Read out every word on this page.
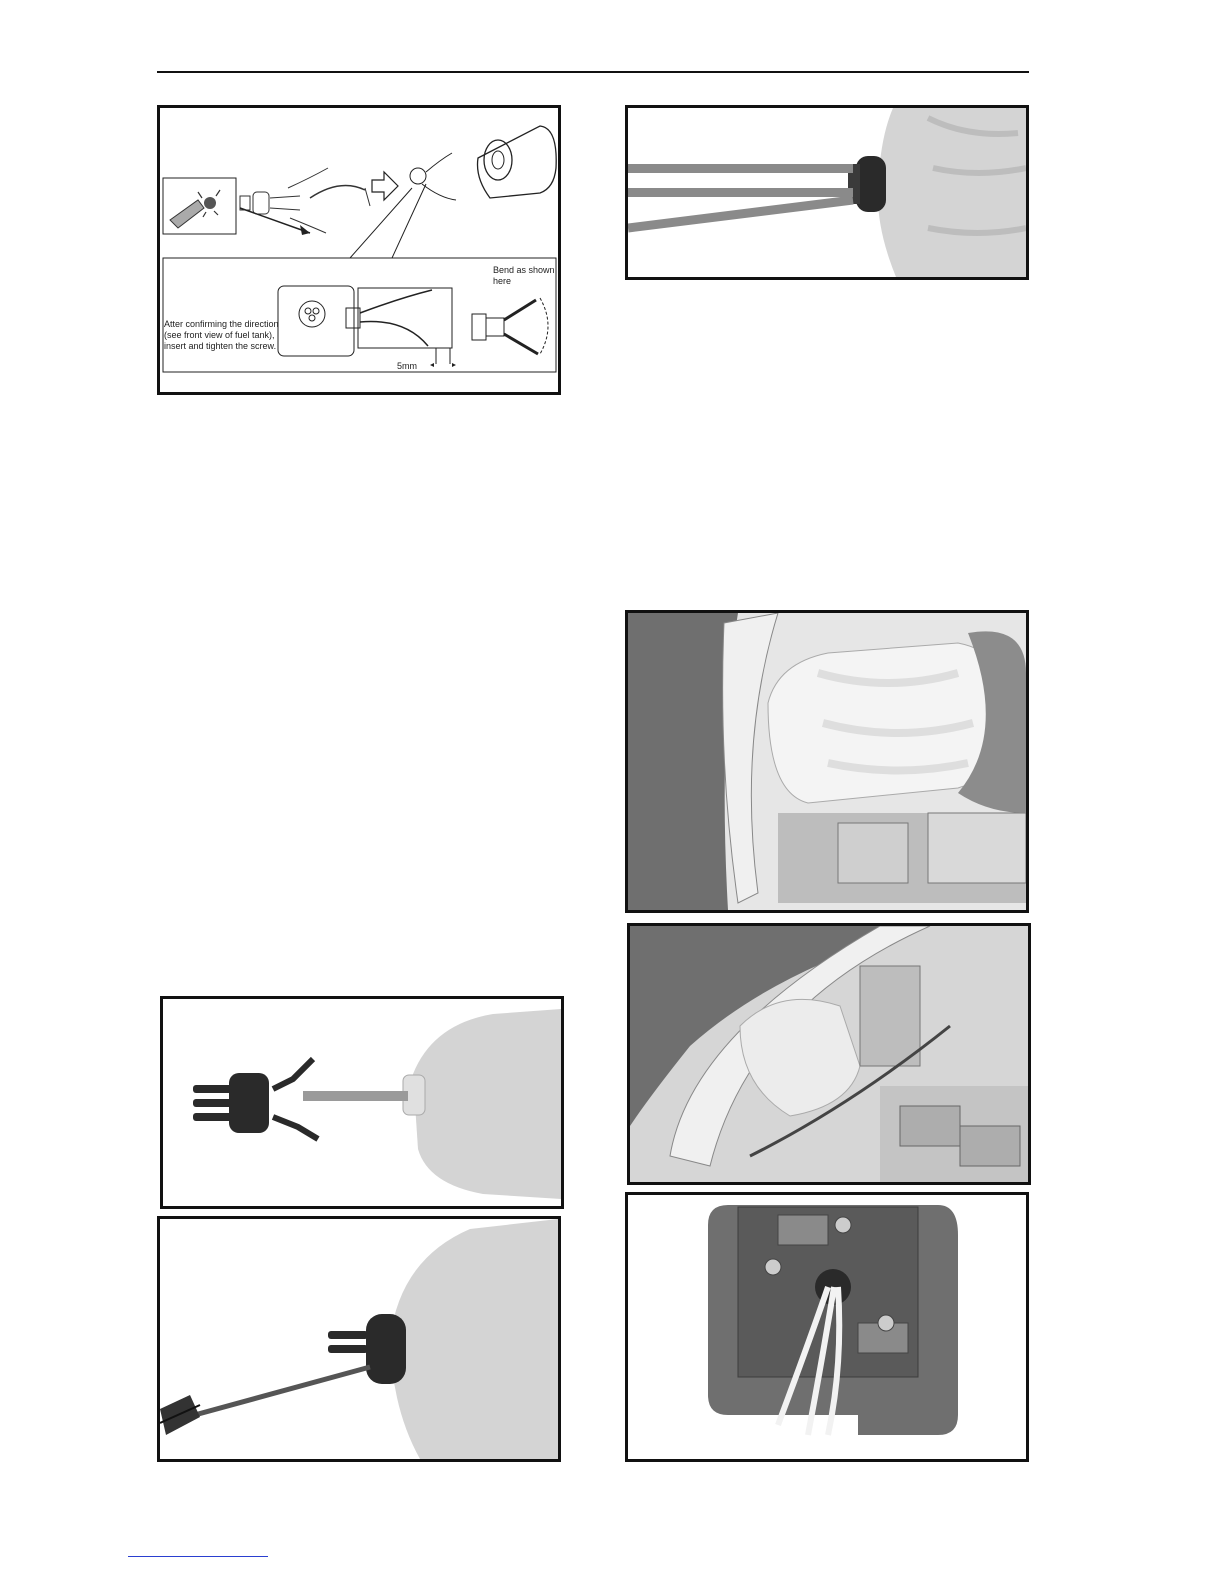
Atter confirming the direction
(see front view of fuel tank),
insert and tighten the screw.
Bend as shown
here
5mm
